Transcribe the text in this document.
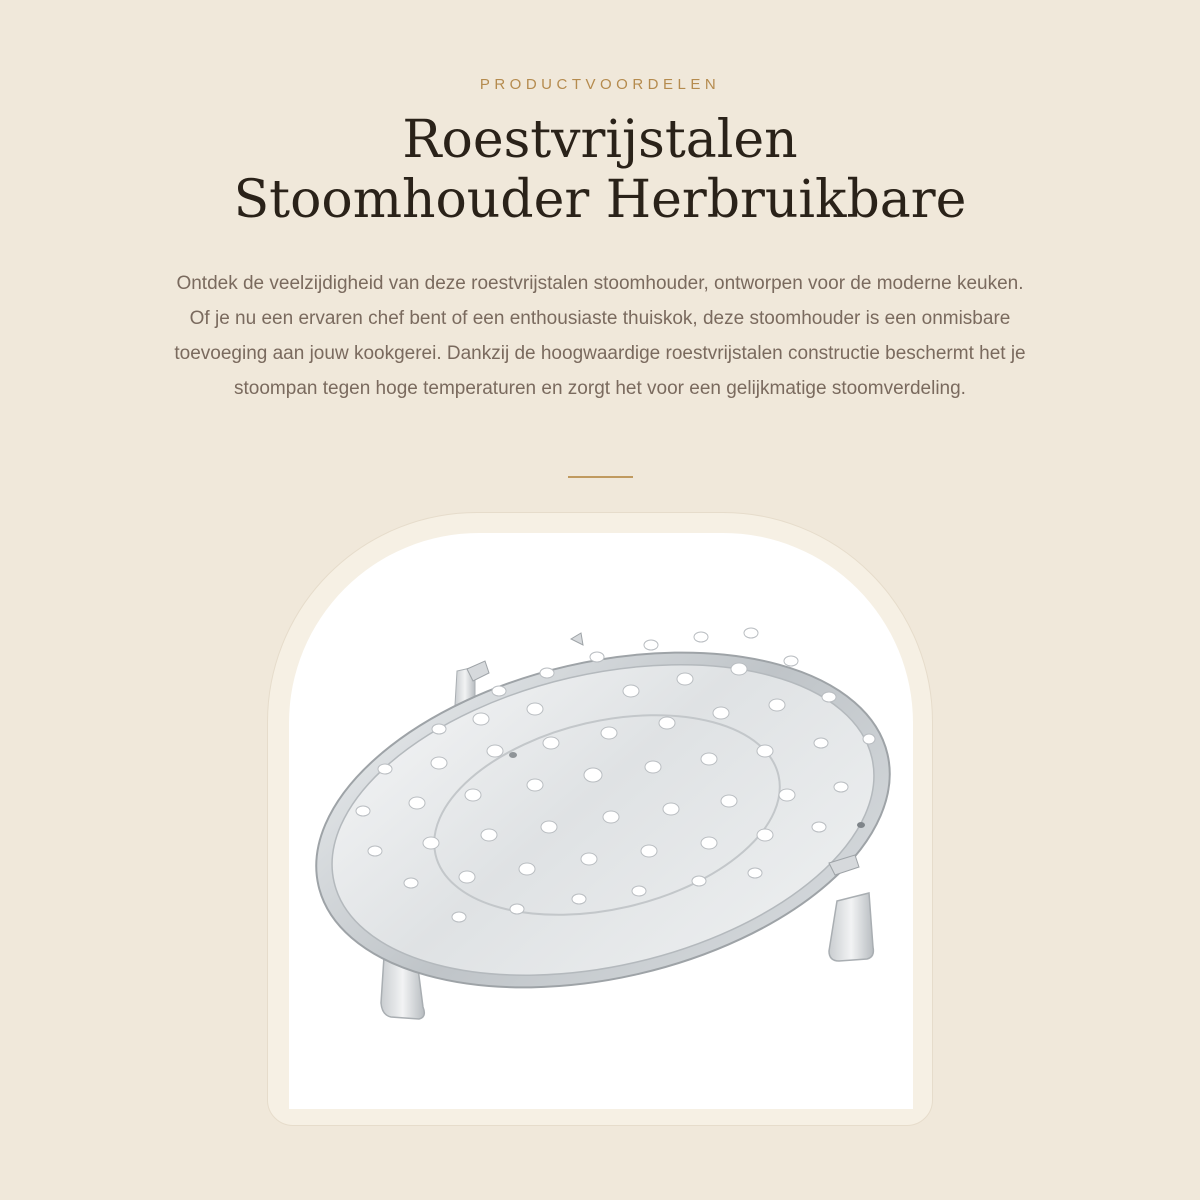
PRODUCTVOORDELEN
Roestvrijstalen
Stoomhouder Herbruikbare

Ontdek de veelzijdigheid van deze roestvrijstalen stoomhouder, ontworpen voor de moderne keuken. Of je nu een ervaren chef bent of een enthousiaste thuiskok, deze stoomhouder is een onmisbare toevoeging aan jouw kookgerei. Dankzij de hoogwaardige roestvrijstalen constructie beschermt het je stoompan tegen hoge temperaturen en zorgt het voor een gelijkmatige stoomverdeling.
